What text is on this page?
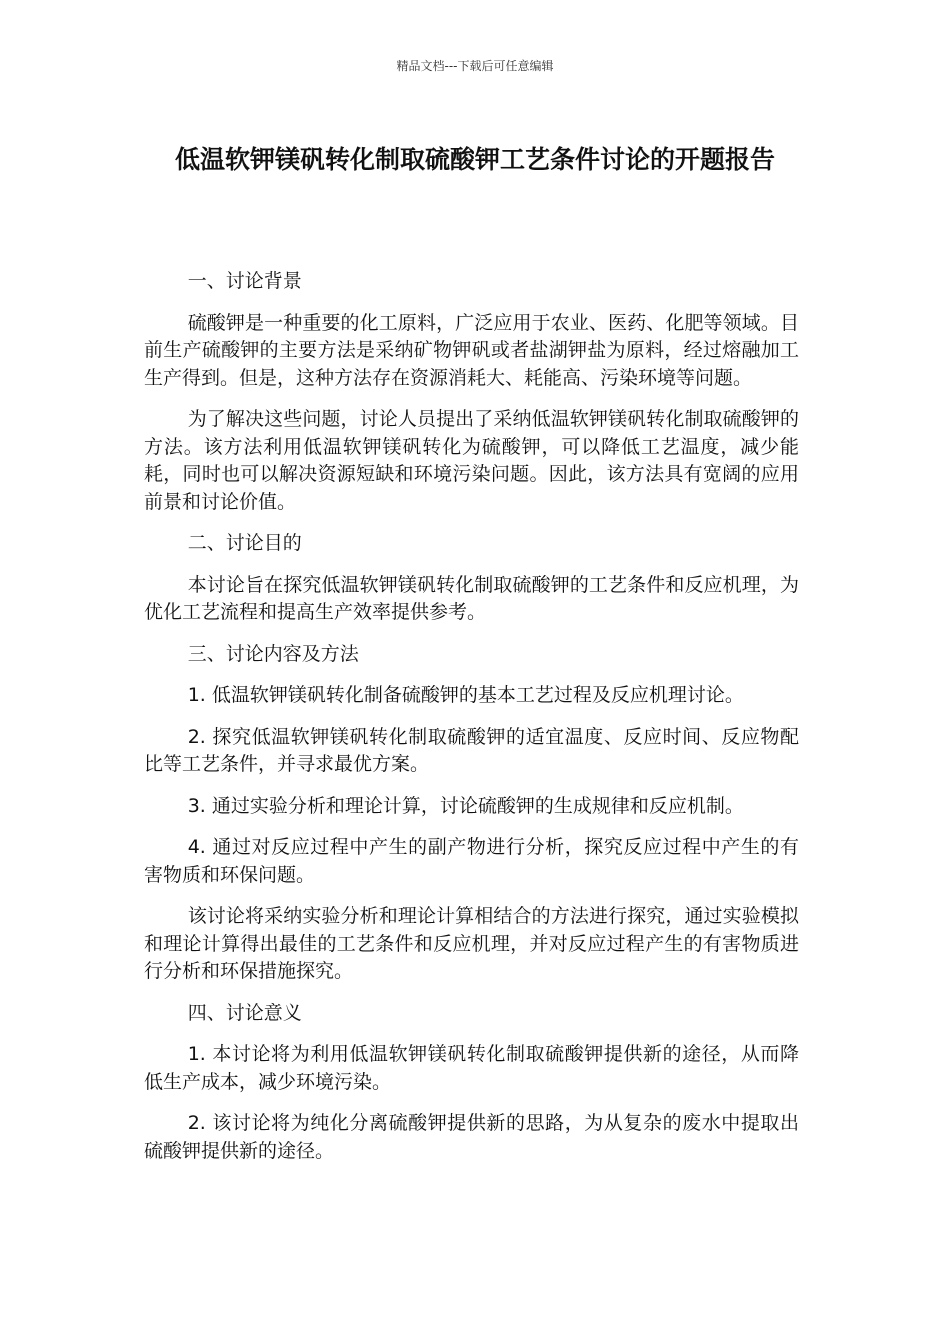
精品文档---下载后可任意编辑
低温软钾镁矾转化制取硫酸钾工艺条件讨论的开题报告

一、讨论背景

硫酸钾是一种重要的化工原料，广泛应用于农业、医药、化肥等领域。目前生产硫酸钾的主要方法是采纳矿物钾矾或者盐湖钾盐为原料，经过熔融加工生产得到。但是，这种方法存在资源消耗大、耗能高、污染环境等问题。

为了解决这些问题，讨论人员提出了采纳低温软钾镁矾转化制取硫酸钾的方法。该方法利用低温软钾镁矾转化为硫酸钾，可以降低工艺温度，减少能耗，同时也可以解决资源短缺和环境污染问题。因此，该方法具有宽阔的应用前景和讨论价值。

二、讨论目的

本讨论旨在探究低温软钾镁矾转化制取硫酸钾的工艺条件和反应机理，为优化工艺流程和提高生产效率提供参考。

三、讨论内容及方法

1. 低温软钾镁矾转化制备硫酸钾的基本工艺过程及反应机理讨论。

2. 探究低温软钾镁矾转化制取硫酸钾的适宜温度、反应时间、反应物配比等工艺条件，并寻求最优方案。

3. 通过实验分析和理论计算，讨论硫酸钾的生成规律和反应机制。

4. 通过对反应过程中产生的副产物进行分析，探究反应过程中产生的有害物质和环保问题。

该讨论将采纳实验分析和理论计算相结合的方法进行探究，通过实验模拟和理论计算得出最佳的工艺条件和反应机理，并对反应过程产生的有害物质进行分析和环保措施探究。

四、讨论意义

1. 本讨论将为利用低温软钾镁矾转化制取硫酸钾提供新的途径，从而降低生产成本，减少环境污染。

2. 该讨论将为纯化分离硫酸钾提供新的思路，为从复杂的废水中提取出硫酸钾提供新的途径。
